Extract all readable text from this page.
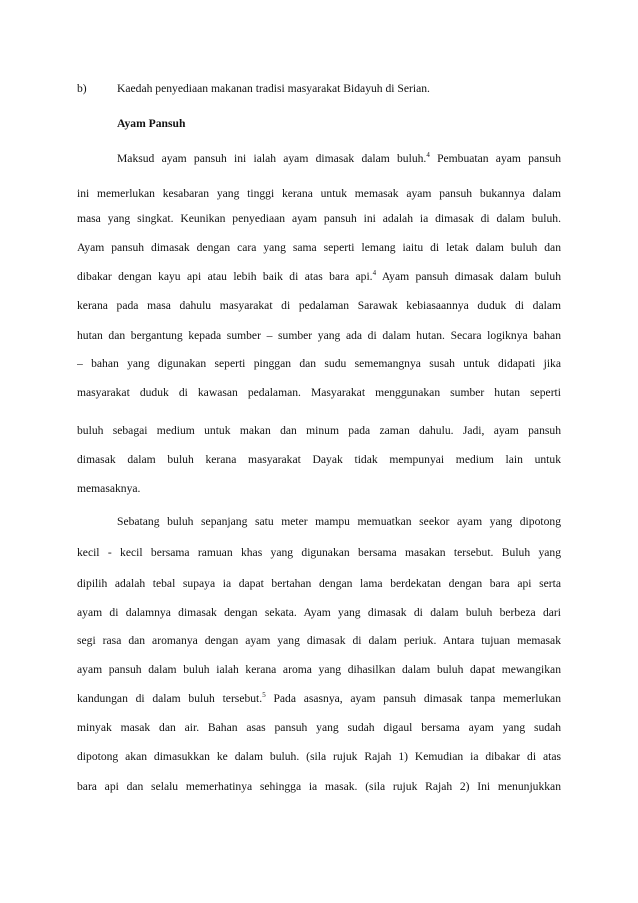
b)	Kaedah penyediaan makanan tradisi masyarakat Bidayuh di Serian.
Ayam Pansuh
Maksud ayam pansuh ini ialah ayam dimasak dalam buluh.$^4$ Pembuatan ayam pansuh
ini memerlukan kesabaran yang tinggi kerana untuk memasak ayam pansuh bukannya dalam
masa yang singkat. Keunikan penyediaan ayam pansuh ini adalah ia dimasak di dalam buluh.
Ayam pansuh dimasak dengan cara yang sama seperti lemang iaitu di letak dalam buluh dan
dibakar dengan kayu api atau lebih baik di atas bara api.$^4$ Ayam pansuh dimasak dalam buluh
kerana pada masa dahulu masyarakat di pedalaman Sarawak kebiasaannya duduk di dalam
hutan dan bergantung kepada sumber – sumber yang ada di dalam hutan. Secara logiknya bahan
– bahan yang digunakan seperti pinggan dan sudu sememangnya susah untuk didapati jika
masyarakat duduk di kawasan pedalaman. Masyarakat menggunakan sumber hutan seperti
buluh sebagai medium untuk makan dan minum pada zaman dahulu. Jadi, ayam pansuh
dimasak dalam buluh kerana masyarakat Dayak tidak mempunyai medium lain untuk
memasaknya.
Sebatang buluh sepanjang satu meter mampu memuatkan seekor ayam yang dipotong
kecil - kecil bersama ramuan khas yang digunakan bersama masakan tersebut. Buluh yang
dipilih adalah tebal supaya ia dapat bertahan dengan lama berdekatan dengan bara api serta
ayam di dalamnya dimasak dengan sekata. Ayam yang dimasak di dalam buluh berbeza dari
segi rasa dan aromanya dengan ayam yang dimasak di dalam periuk. Antara tujuan memasak
ayam pansuh dalam buluh ialah kerana aroma yang dihasilkan dalam buluh dapat mewangikan
kandungan di dalam buluh tersebut.$^5$ Pada asasnya, ayam pansuh dimasak tanpa memerlukan
minyak masak dan air. Bahan asas pansuh yang sudah digaul bersama ayam yang sudah
dipotong akan dimasukkan ke dalam buluh. (sila rujuk Rajah 1) Kemudian ia dibakar di atas
bara api dan selalu memerhatinya sehingga ia masak. (sila rujuk Rajah 2) Ini menunjukkan
